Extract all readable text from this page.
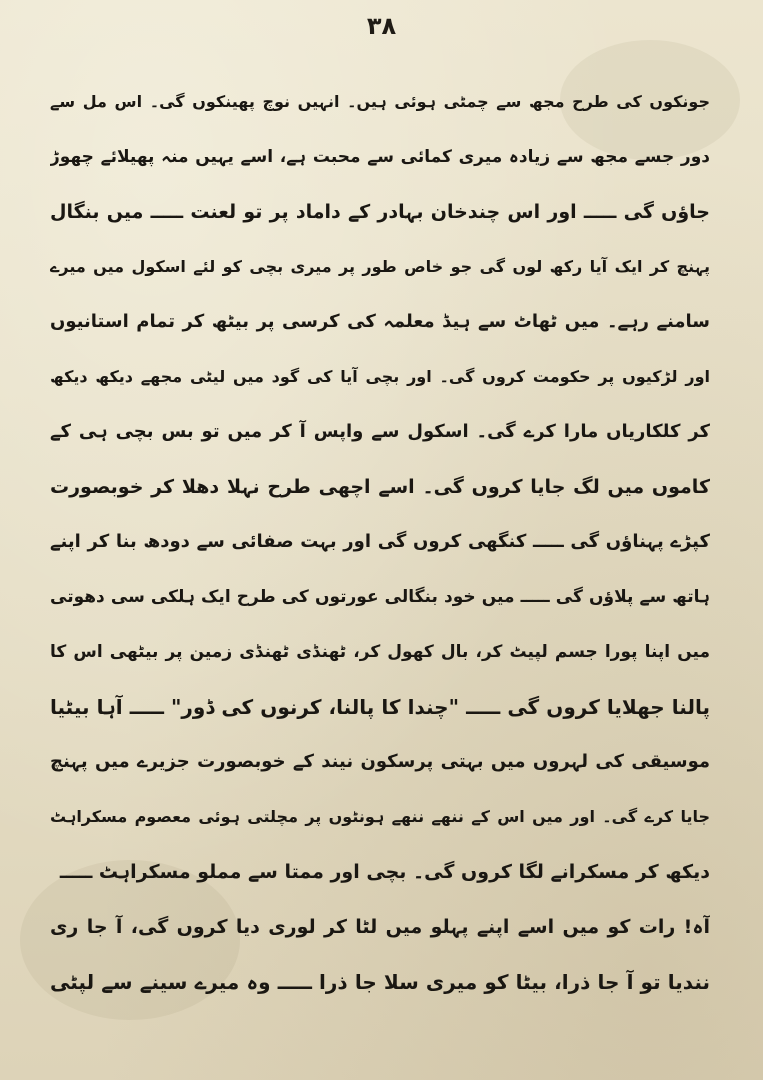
۳۸
جونکوں کی طرح مجھ سے چمٹی ہوئی ہیں۔ انہیں نوچ پھینکوں گی۔ اس مل سے
دور جسے مجھ سے زیادہ میری کمائی سے محبت ہے، اسے یہیں منہ پھیلائے چھوڑ
جاؤں گی ـــــ اور اس چندخان بہادر کے داماد پر تو لعنت ـــــ میں بنگال
پہنچ کر ایک آیا رکھ لوں گی جو خاص طور پر میری بچی کو لئے اسکول میں میرے
سامنے رہے۔ میں ٹھاٹ سے ہیڈ معلمہ کی کرسی پر بیٹھ کر تمام استانیوں
اور لڑکیوں پر حکومت کروں گی۔ اور بچی آیا کی گود میں لیٹی مجھے دیکھ دیکھ
کر کلکاریاں مارا کرے گی۔ اسکول سے واپس آ کر میں تو بس بچی ہی کے
کاموں میں لگ جایا کروں گی۔ اسے اچھی طرح نہلا دھلا کر خوبصورت
کپڑے پہناؤں گی ـــــ کنگھی کروں گی اور بہت صفائی سے دودھ بنا کر اپنے
ہاتھ سے پلاؤں گی ـــــ میں خود بنگالی عورتوں کی طرح ایک ہلکی سی دھوتی
میں اپنا پورا جسم لپیٹ کر، بال کھول کر، ٹھنڈی ٹھنڈی زمین پر بیٹھی اس کا
پالنا جھلایا کروں گی ـــــ "چندا کا پالنا، کرنوں کی ڈور" ـــــ آہا بیٹیا
موسیقی کی لہروں میں بہتی پرسکون نیند کے خوبصورت جزیرے میں پہنچ
جایا کرے گی۔ اور میں اس کے ننھے ننھے ہونٹوں پر مچلتی ہوئی معصوم مسکراہٹ
دیکھ کر مسکرانے لگا کروں گی۔ بچی اور ممتا سے مملو مسکراہٹ ـــــ
آہ! رات کو میں اسے اپنے پہلو میں لٹا کر لوری دیا کروں گی، آ جا ری
نندیا تو آ جا ذرا، بیٹا کو میری سلا جا ذرا ـــــ وہ میرے سینے سے لپٹی
